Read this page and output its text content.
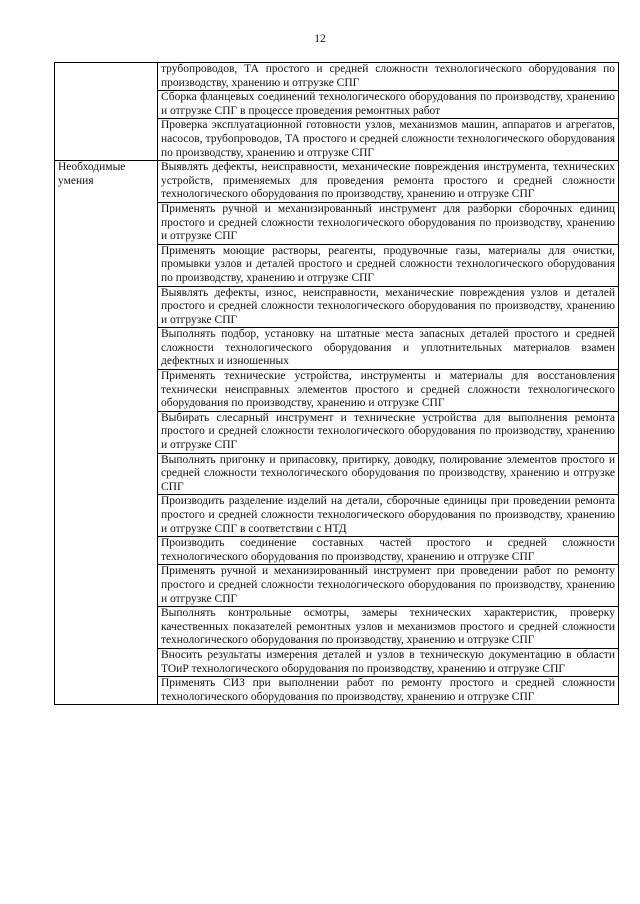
12

	трубопроводов, ТА простого и средней сложности технологического оборудования по производству, хранению и отгрузке СПГ

	Сборка фланцевых соединений технологического оборудования по производству, хранению и отгрузке СПГ в процессе проведения ремонтных работ

	Проверка эксплуатационной готовности узлов, механизмов машин, аппаратов и агрегатов, насосов, трубопроводов, ТА простого и средней сложности технологического оборудования по производству, хранению и отгрузке СПГ

Необходимые умения	Выявлять дефекты, неисправности, механические повреждения инструмента, технических устройств, применяемых для проведения ремонта простого и средней сложности технологического оборудования по производству, хранению и отгрузке СПГ

	Применять ручной и механизированный инструмент для разборки сборочных единиц простого и средней сложности технологического оборудования по производству, хранению и отгрузке СПГ

	Применять моющие растворы, реагенты, продувочные газы, материалы для очистки, промывки узлов и деталей простого и средней сложности технологического оборудования по производству, хранению и отгрузке СПГ

	Выявлять дефекты, износ, неисправности, механические повреждения узлов и деталей простого и средней сложности технологического оборудования по производству, хранению и отгрузке СПГ

	Выполнять подбор, установку на штатные места запасных деталей простого и средней сложности технологического оборудования и уплотнительных материалов взамен дефектных и изношенных

	Применять технические устройства, инструменты и материалы для восстановления технически неисправных элементов простого и средней сложности технологического оборудования по производству, хранению и отгрузке СПГ

	Выбирать слесарный инструмент и технические устройства для выполнения ремонта простого и средней сложности технологического оборудования по производству, хранению и отгрузке СПГ

	Выполнять пригонку и припасовку, притирку, доводку, полирование элементов простого и средней сложности технологического оборудования по производству, хранению и отгрузке СПГ

	Производить разделение изделий на детали, сборочные единицы при проведении ремонта простого и средней сложности технологического оборудования по производству, хранению и отгрузке СПГ в соответствии с НТД

	Производить соединение составных частей простого и средней сложности технологического оборудования по производству, хранению и отгрузке СПГ

	Применять ручной и механизированный инструмент при проведении работ по ремонту простого и средней сложности технологического оборудования по производству, хранению и отгрузке СПГ

	Выполнять контрольные осмотры, замеры технических характеристик, проверку качественных показателей ремонтных узлов и механизмов простого и средней сложности технологического оборудования по производству, хранению и отгрузке СПГ

	Вносить результаты измерения деталей и узлов в техническую документацию в области ТОиР технологического оборудования по производству, хранению и отгрузке СПГ

	Применять СИЗ при выполнении работ по ремонту простого и средней сложности технологического оборудования по производству, хранению и отгрузке СПГ
